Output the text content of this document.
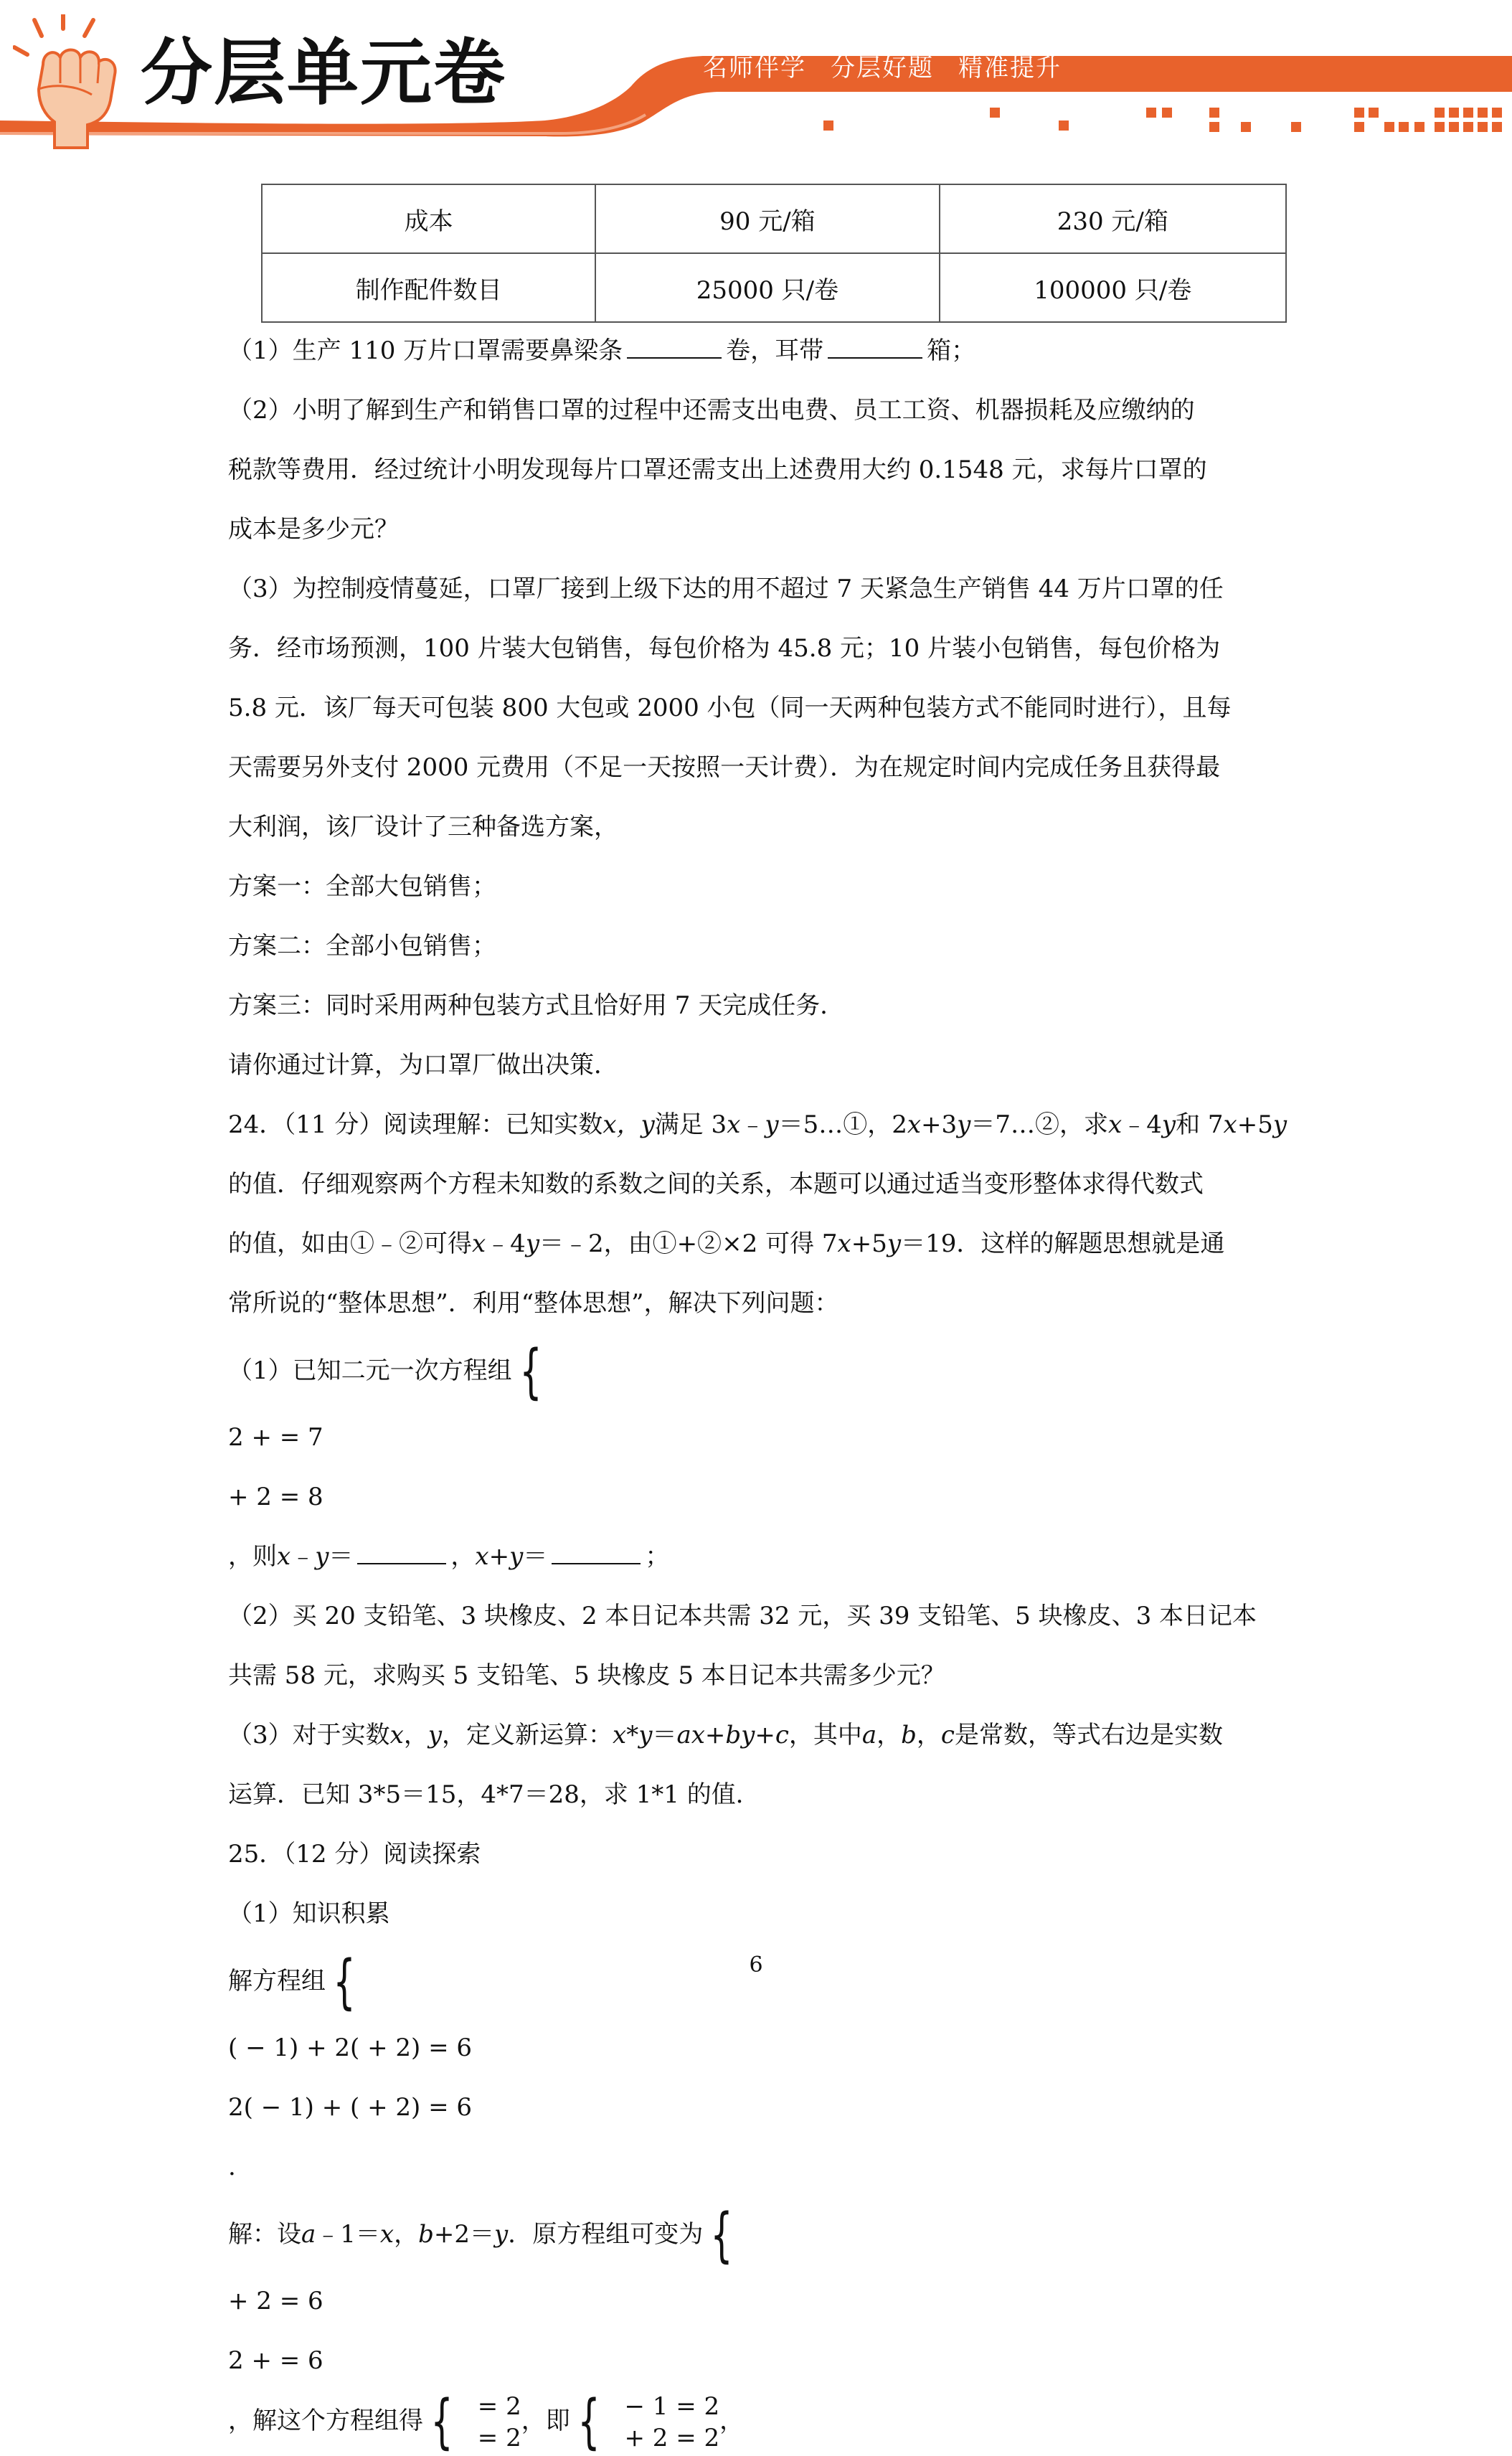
分层单元卷	名师伴学 分层好题 精准提升
成本	90 元/箱	230 元/箱
制作配件数目	25000 只/卷	100000 只/卷

（1）生产 110 万片口罩需要鼻梁条	卷，耳带	箱；

（2）小明了解到生产和销售口罩的过程中还需支出电费、员工工资、机器损耗及应缴纳的

税款等费用．经过统计小明发现每片口罩还需支出上述费用大约 0.1548 元，求每片口罩的

成本是多少元？

（3）为控制疫情蔓延，口罩厂接到上级下达的用不超过 7 天紧急生产销售 44 万片口罩的任

务．经市场预测，100 片装大包销售，每包价格为 45.8 元；10 片装小包销售，每包价格为

5.8 元．该厂每天可包装 800 大包或 2000 小包（同一天两种包装方式不能同时进行），且每

天需要另外支付 2000 元费用（不足一天按照一天计费）．为在规定时间内完成任务且获得最

大利润，该厂设计了三种备选方案，

方案一：全部大包销售；

方案二：全部小包销售；

方案三：同时采用两种包装方式且恰好用 7 天完成任务．

请你通过计算，为口罩厂做出决策．

24．（11 分）阅读理解：已知实数x，y满足 3x﹣y＝5…①，2x+3y＝7…②，求x﹣4y和 7x+5y

的值．仔细观察两个方程未知数的系数之间的关系，本题可以通过适当变形整体求得代数式

的值，如由①﹣②可得x﹣4y＝﹣2，由①+②×2 可得 7x+5y＝19．这样的解题思想就是通

常所说的“整体思想”．利用“整体思想”，解决下列问题：

（1）已知二元一次方程组 {

2 + = 7
+ 2 = 8
，则x﹣y＝	，x+y＝	；

（2）买 20 支铅笔、3 块橡皮、2 本日记本共需 32 元，买 39 支铅笔、5 块橡皮、3 本日记本

共需 58 元，求购买 5 支铅笔、5 块橡皮 5 本日记本共需多少元？

（3）对于实数x，y，定义新运算：x*y＝ax+by+c，其中a，b，c是常数，等式右边是实数

运算．已知 3*5＝15，4*7＝28，求 1*1 的值．

25．（12 分）阅读探索

（1）知识积累

解方程组 {

( − 1) + 2( + 2) = 6
2( − 1) + ( + 2) = 6
.

解：设a﹣1＝x，b+2＝y．原方程组可变为 {

+ 2 = 6
2 + = 6
，解这个方程组得 { = 2
= 2
，即 { − 1 = 2
+ 2 = 2
，

6
